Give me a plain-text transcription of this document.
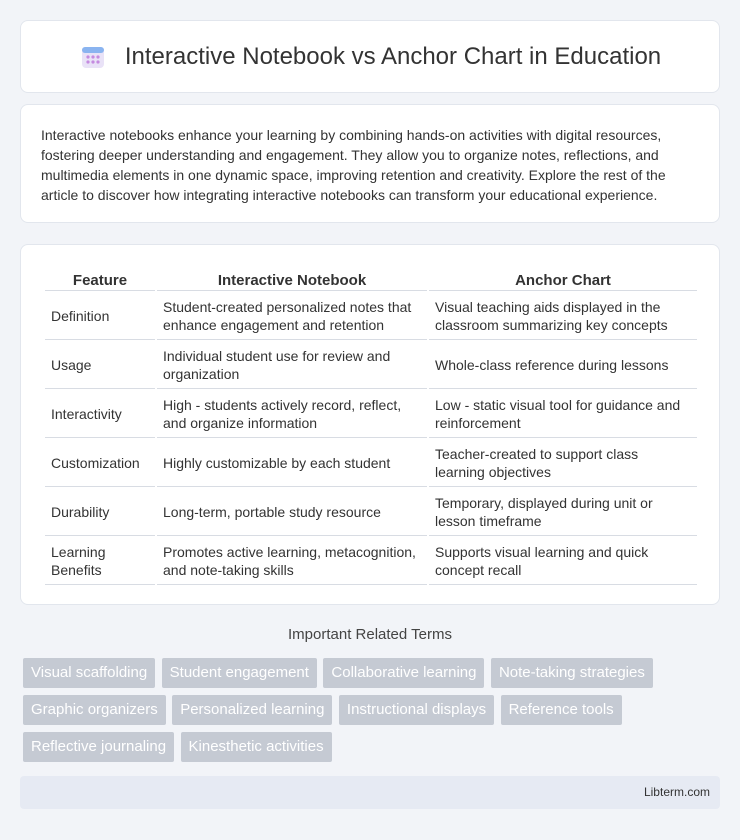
Interactive Notebook vs Anchor Chart in Education

Interactive notebooks enhance your learning by combining hands-on activities with digital resources, fostering deeper understanding and engagement. They allow you to organize notes, reflections, and multimedia elements in one dynamic space, improving retention and creativity. Explore the rest of the article to discover how integrating interactive notebooks can transform your educational experience.

Feature	Interactive Notebook	Anchor Chart
Definition	Student-created personalized notes that enhance engagement and retention	Visual teaching aids displayed in the classroom summarizing key concepts
Usage	Individual student use for review and organization	Whole-class reference during lessons
Interactivity	High - students actively record, reflect, and organize information	Low - static visual tool for guidance and reinforcement
Customization	Highly customizable by each student	Teacher-created to support class learning objectives
Durability	Long-term, portable study resource	Temporary, displayed during unit or lesson timeframe
Learning Benefits	Promotes active learning, metacognition, and note-taking skills	Supports visual learning and quick concept recall
Important Related Terms
Visual scaffolding Student engagement Collaborative learning Note-taking strategies Graphic organizers Personalized learning Instructional displays Reference tools Reflective journaling Kinesthetic activities
Libterm.com
